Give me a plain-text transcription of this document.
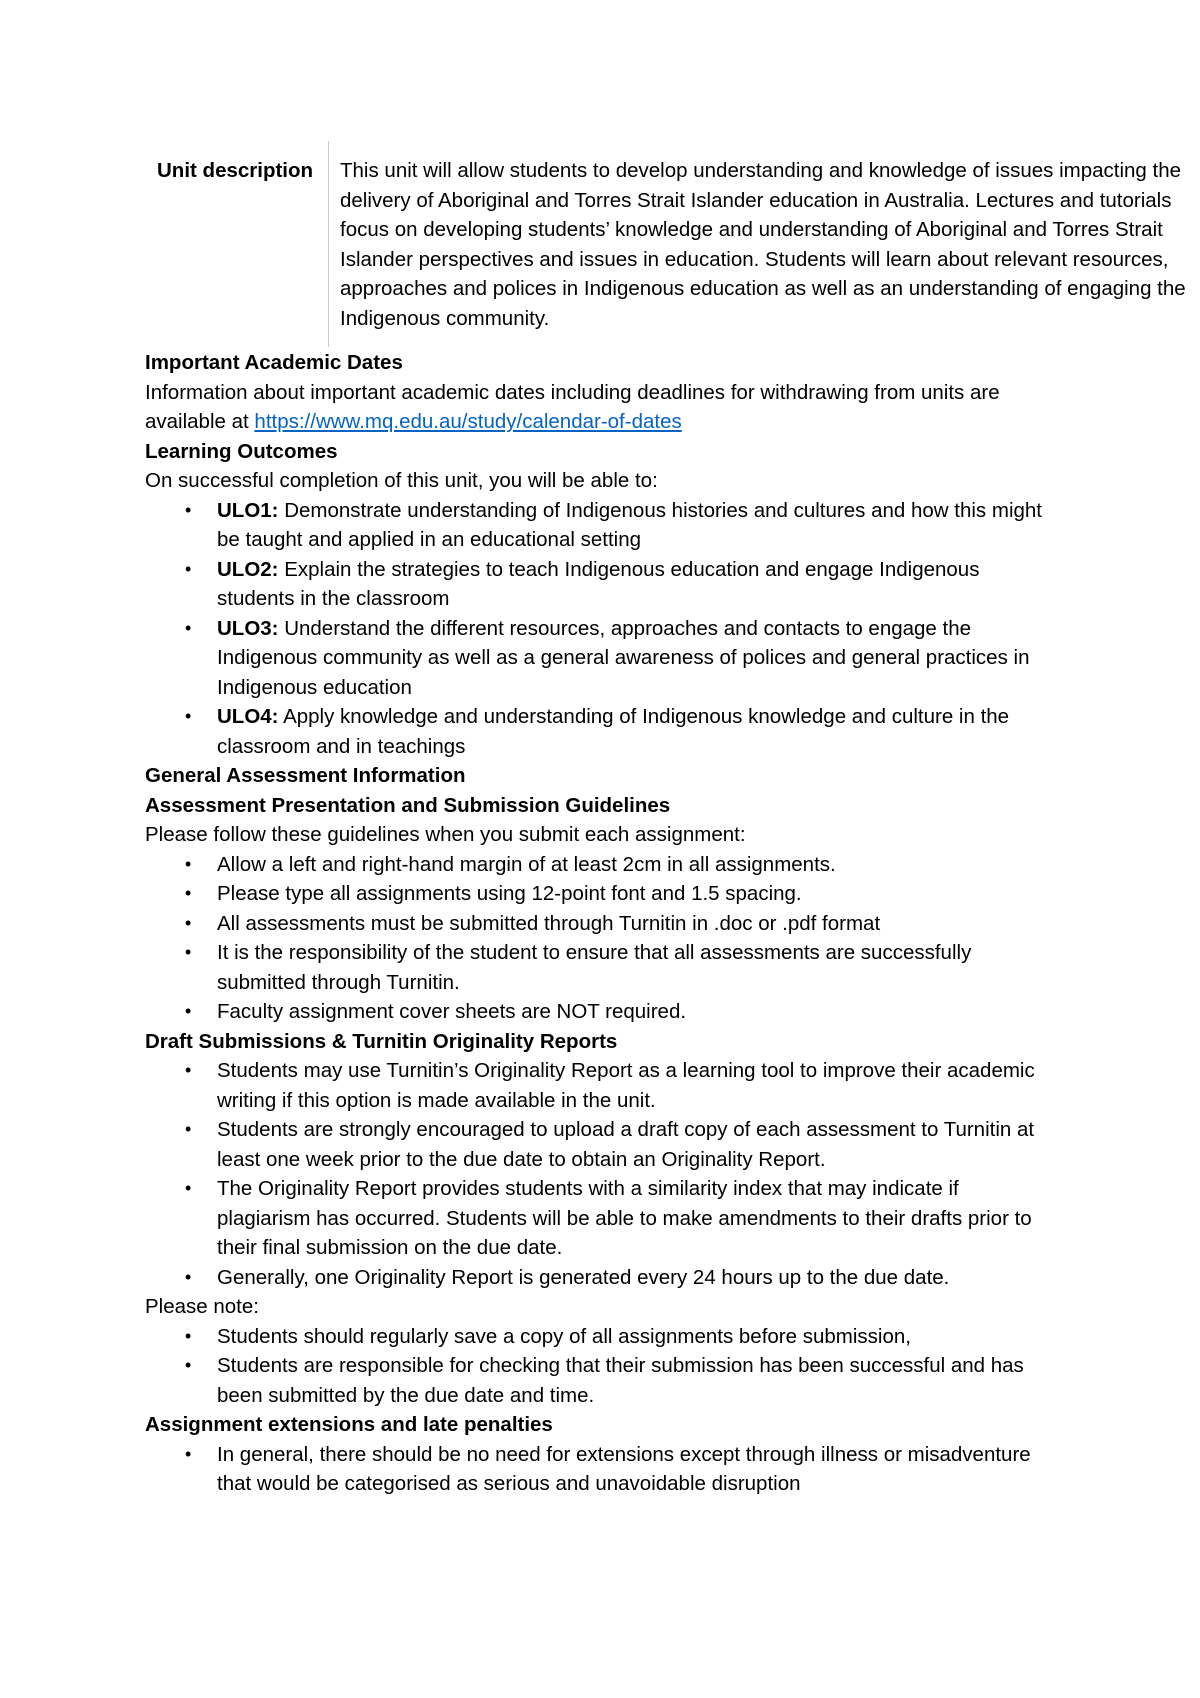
Unit description This unit will allow students to develop understanding and knowledge of issues impacting the delivery of Aboriginal and Torres Strait Islander education in Australia. Lectures and tutorials focus on developing students’ knowledge and understanding of Aboriginal and Torres Strait Islander perspectives and issues in education. Students will learn about relevant resources, approaches and polices in Indigenous education as well as an understanding of engaging the Indigenous community.

Important Academic Dates

Information about important academic dates including deadlines for withdrawing from units are available at https://www.mq.edu.au/study/calendar-of-dates

Learning Outcomes

On successful completion of this unit, you will be able to:

• ULO1: Demonstrate understanding of Indigenous histories and cultures and how this might be taught and applied in an educational setting
• ULO2: Explain the strategies to teach Indigenous education and engage Indigenous students in the classroom
• ULO3: Understand the different resources, approaches and contacts to engage the Indigenous community as well as a general awareness of polices and general practices in Indigenous education
• ULO4: Apply knowledge and understanding of Indigenous knowledge and culture in the classroom and in teachings

General Assessment Information

Assessment Presentation and Submission Guidelines

Please follow these guidelines when you submit each assignment:

• Allow a left and right-hand margin of at least 2cm in all assignments.
• Please type all assignments using 12-point font and 1.5 spacing.
• All assessments must be submitted through Turnitin in .doc or .pdf format
• It is the responsibility of the student to ensure that all assessments are successfully submitted through Turnitin.
• Faculty assignment cover sheets are NOT required.

Draft Submissions & Turnitin Originality Reports

• Students may use Turnitin’s Originality Report as a learning tool to improve their academic writing if this option is made available in the unit.
• Students are strongly encouraged to upload a draft copy of each assessment to Turnitin at least one week prior to the due date to obtain an Originality Report.
• The Originality Report provides students with a similarity index that may indicate if plagiarism has occurred. Students will be able to make amendments to their drafts prior to their final submission on the due date.
• Generally, one Originality Report is generated every 24 hours up to the due date.

Please note:

• Students should regularly save a copy of all assignments before submission,
• Students are responsible for checking that their submission has been successful and has been submitted by the due date and time.

Assignment extensions and late penalties

• In general, there should be no need for extensions except through illness or misadventure that would be categorised as serious and unavoidable disruption
